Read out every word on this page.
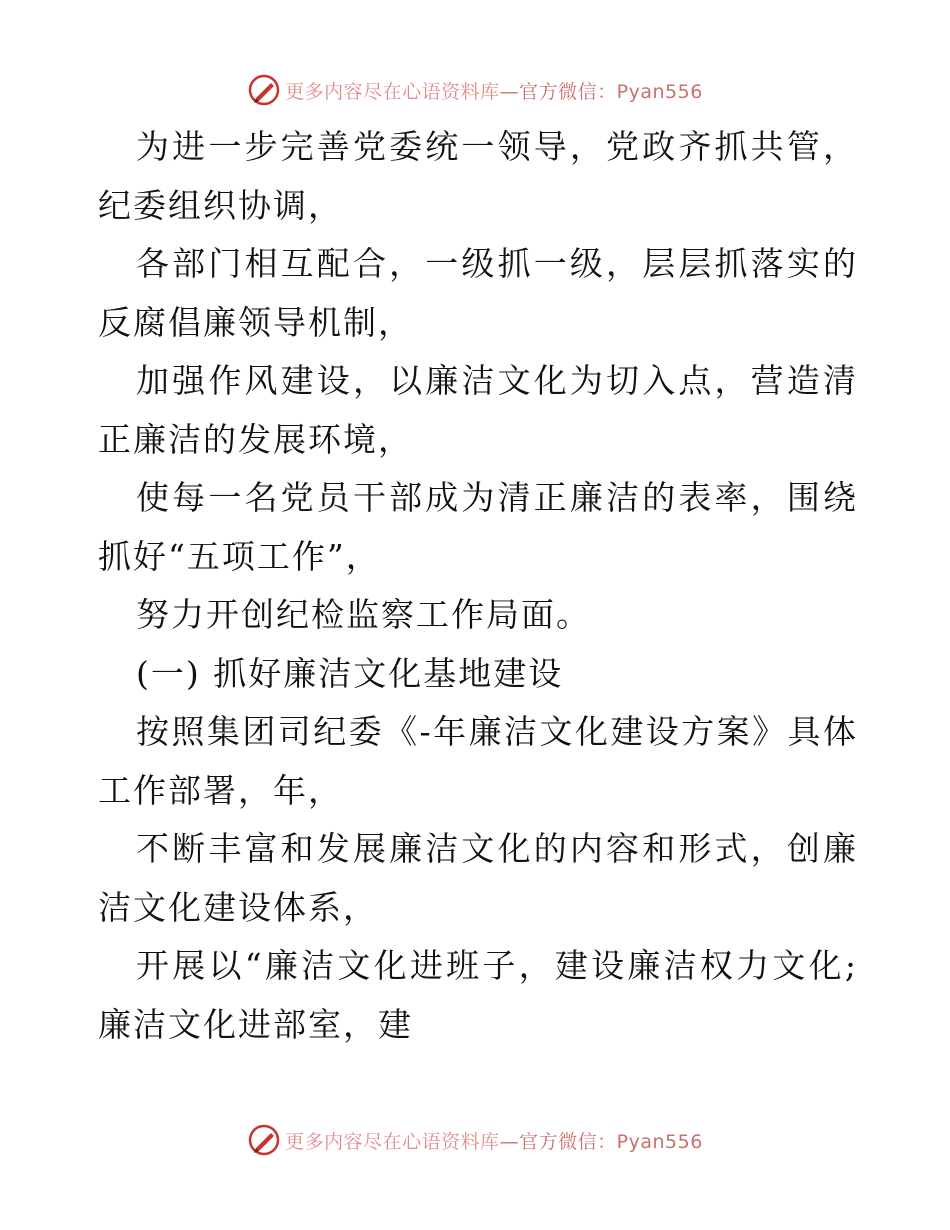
更多内容尽在心语资料库—官方微信：Pyan556

为进一步完善党委统一领导，党政齐抓共管，纪委组织协调，

各部门相互配合，一级抓一级，层层抓落实的反腐倡廉领导机制，

加强作风建设，以廉洁文化为切入点，营造清正廉洁的发展环境，

使每一名党员干部成为清正廉洁的表率，围绕抓好“五项工作”，

努力开创纪检监察工作局面。

(一) 抓好廉洁文化基地建设

按照集团司纪委《-年廉洁文化建设方案》具体工作部署，年，

不断丰富和发展廉洁文化的内容和形式，创廉洁文化建设体系，

开展以“廉洁文化进班子，建设廉洁权力文化;廉洁文化进部室，建

更多内容尽在心语资料库—官方微信：Pyan556
